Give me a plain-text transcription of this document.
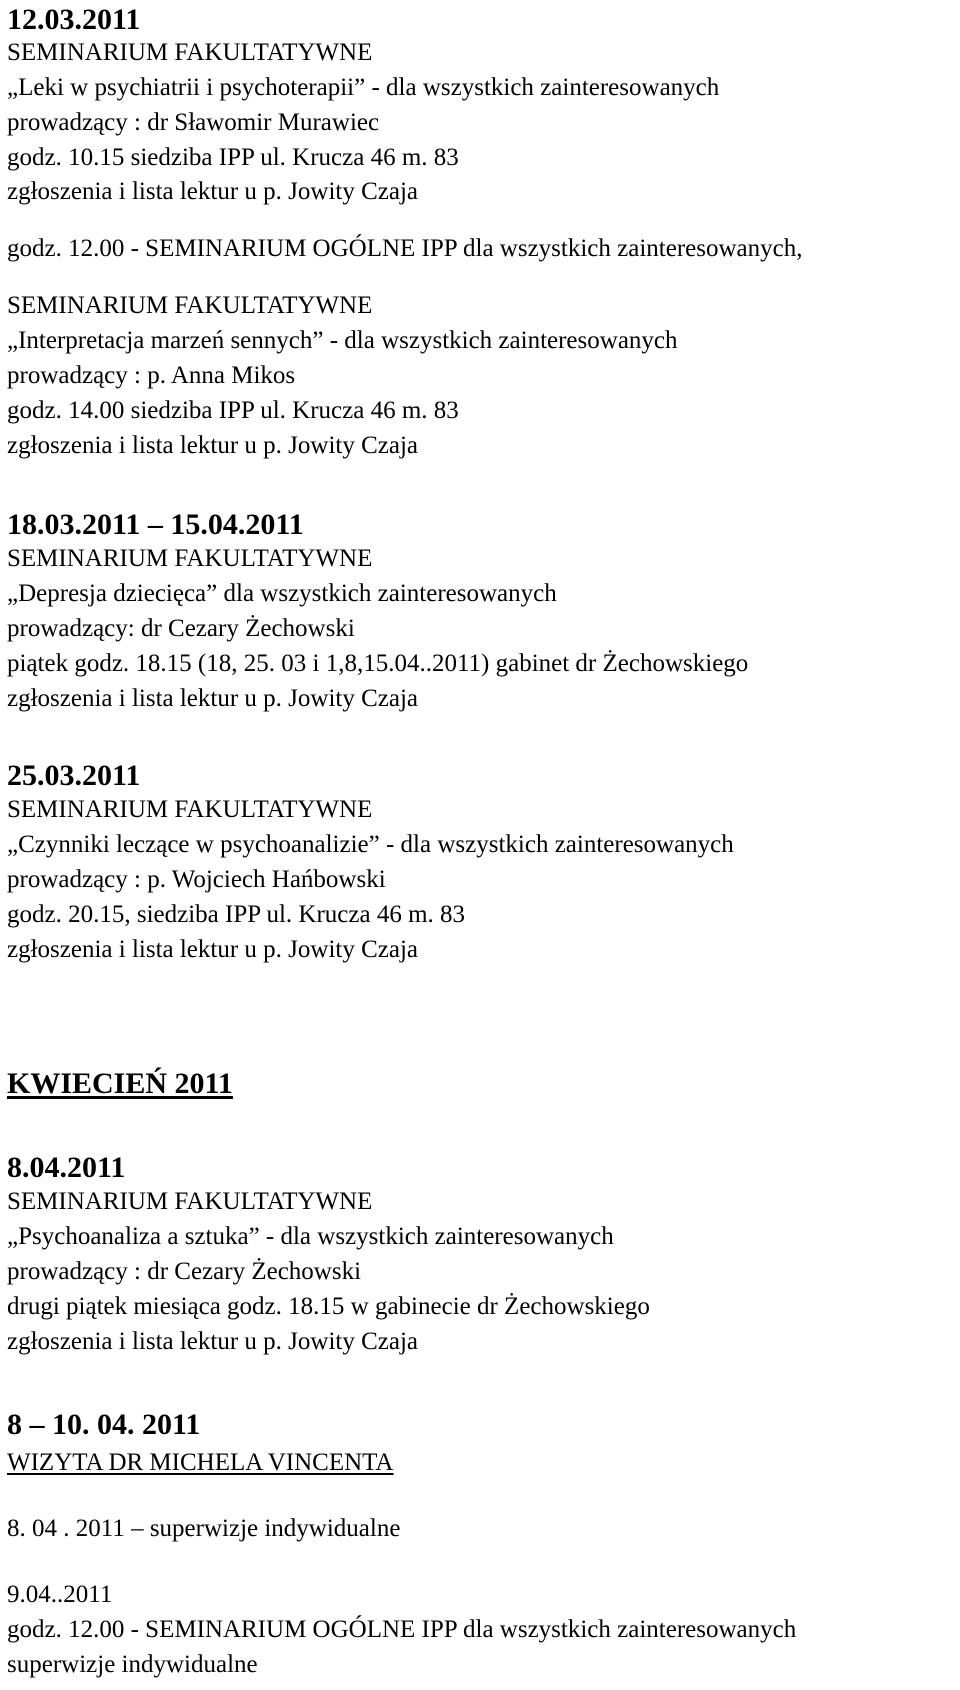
12.03.2011
SEMINARIUM FAKULTATYWNE
„Leki w psychiatrii i psychoterapii” - dla wszystkich zainteresowanych
prowadzący : dr Sławomir Murawiec
godz. 10.15 siedziba IPP ul. Krucza 46 m. 83
zgłoszenia i lista lektur u p. Jowity Czaja
godz. 12.00 - SEMINARIUM OGÓLNE IPP dla wszystkich zainteresowanych,
SEMINARIUM FAKULTATYWNE
„Interpretacja marzeń sennych” - dla wszystkich zainteresowanych
prowadzący : p. Anna Mikos
godz. 14.00 siedziba IPP ul. Krucza 46 m. 83
zgłoszenia i lista lektur u p. Jowity Czaja
18.03.2011 – 15.04.2011
SEMINARIUM FAKULTATYWNE
„Depresja dziecięca” dla wszystkich zainteresowanych
prowadzący: dr Cezary Żechowski
piątek godz. 18.15 (18, 25. 03 i 1,8,15.04..2011) gabinet dr Żechowskiego
zgłoszenia i lista lektur u p. Jowity Czaja
25.03.2011
SEMINARIUM FAKULTATYWNE
„Czynniki leczące w psychoanalizie” - dla wszystkich zainteresowanych
prowadzący : p. Wojciech Hańbowski
godz. 20.15, siedziba IPP ul. Krucza 46 m. 83
zgłoszenia i lista lektur u p. Jowity Czaja
KWIECIEŃ 2011
8.04.2011
SEMINARIUM FAKULTATYWNE
„Psychoanaliza a sztuka” - dla wszystkich zainteresowanych
prowadzący : dr Cezary Żechowski
drugi piątek miesiąca godz. 18.15 w gabinecie dr Żechowskiego
zgłoszenia i lista lektur u p. Jowity Czaja
8 – 10. 04. 2011
WIZYTA DR MICHELA VINCENTA
8. 04 . 2011 – superwizje indywidualne
9.04..2011
godz. 12.00 - SEMINARIUM OGÓLNE IPP dla wszystkich zainteresowanych
superwizje indywidualne
